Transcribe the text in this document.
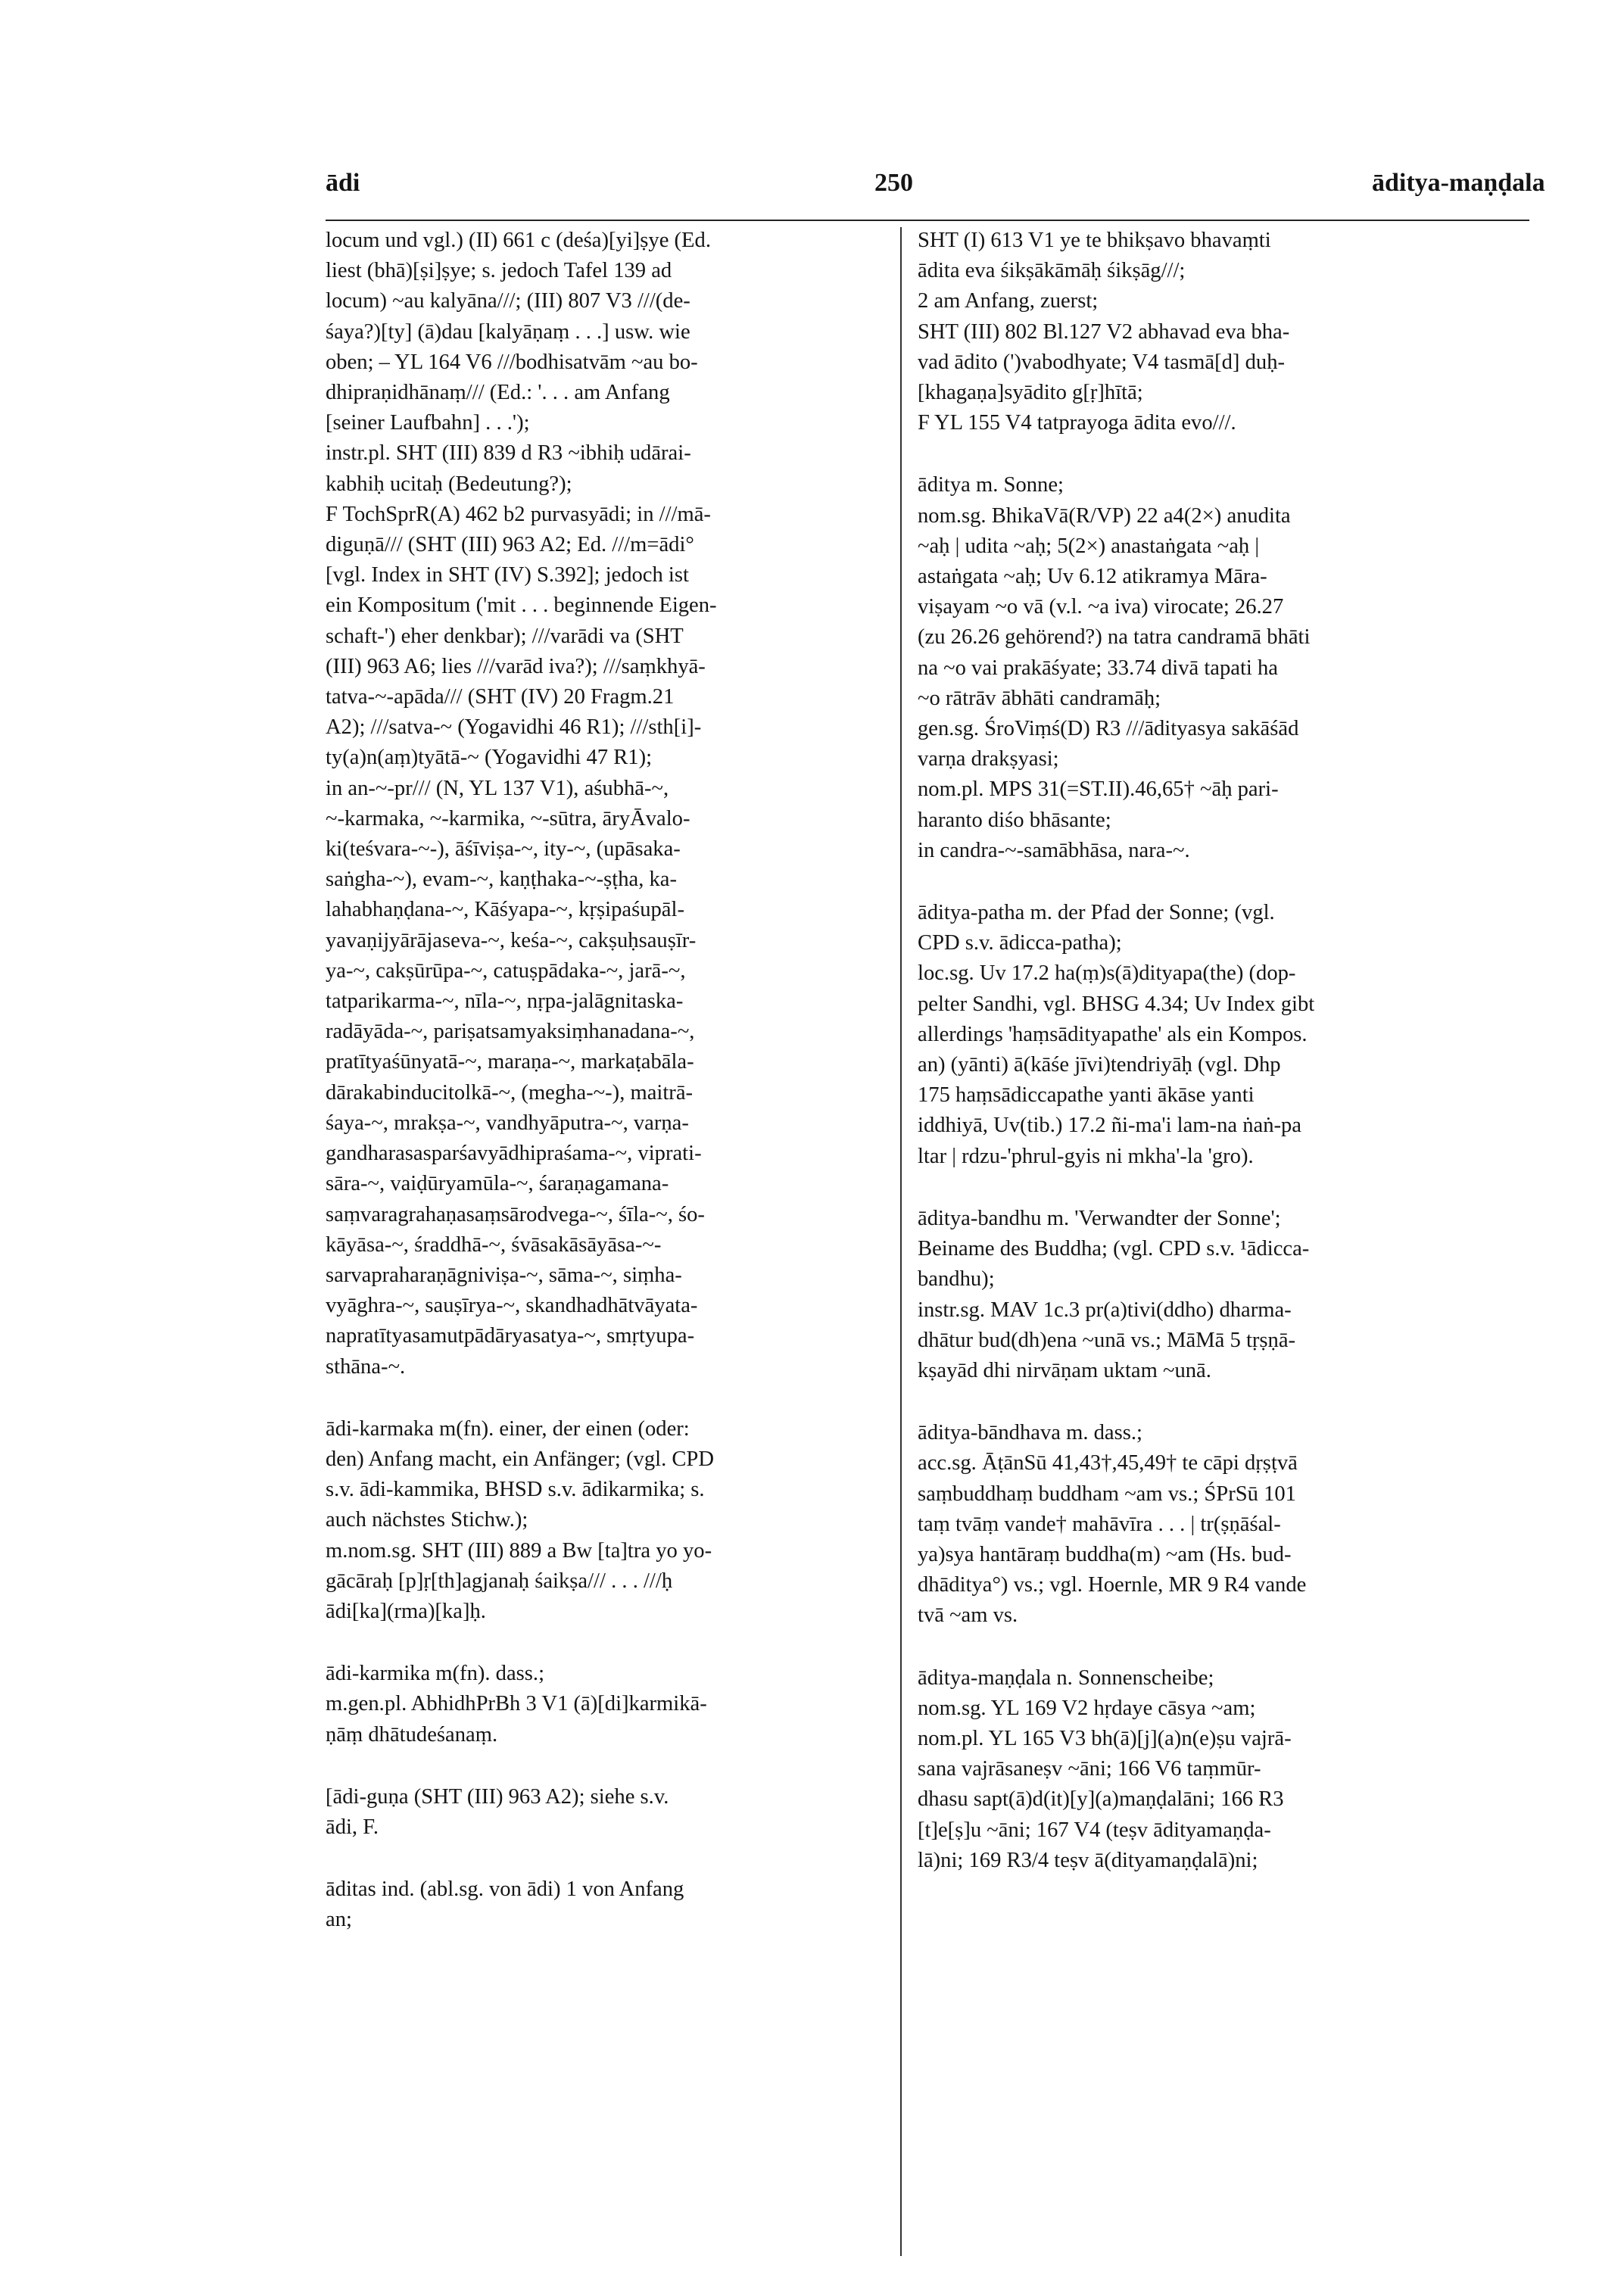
ādi	250	āditya-maṇḍala
locum und vgl.) (II) 661 c (deśa)[yi]ṣye (Ed.
liest (bhā)[ṣi]ṣye; s. jedoch Tafel 139 ad
locum) ~au kalyāna///; (III) 807 V3 ///(de-
śaya?)[ty] (ā)dau [kalyāṇaṃ . . .] usw. wie
oben; – YL 164 V6 ///bodhisatvām ~au bo-
dhipraṇidhānaṃ/// (Ed.: '. . . am Anfang
[seiner Laufbahn] . . .');
instr.pl. SHT (III) 839 d R3 ~ibhiḥ udārai-
kabhiḥ ucitaḥ (Bedeutung?);
F TochSprR(A) 462 b2 purvasyādi; in ///mā-
diguṇā/// (SHT (III) 963 A2; Ed. ///m=ādi°
[vgl. Index in SHT (IV) S.392]; jedoch ist
ein Kompositum ('mit . . . beginnende Eigen-
schaft-') eher denkbar); ///varādi va (SHT
(III) 963 A6; lies ///varād iva?); ///saṃkhyā-
tatva-~-apāda/// (SHT (IV) 20 Fragm.21
A2); ///satva-~ (Yogavidhi 46 R1); ///sth[i]-
ty(a)n(aṃ)tyātā-~ (Yogavidhi 47 R1);
in an-~-pr/// (N, YL 137 V1), aśubhā-~,
~-karmaka, ~-karmika, ~-sūtra, āryĀvalo-
ki(teśvara-~-), āśīviṣa-~, ity-~, (upāsaka-
saṅgha-~), evam-~, kaṇṭhaka-~-ṣṭha, ka-
lahabhaṇḍana-~, Kāśyapa-~, kṛṣipaśupāl-
yavaṇijyārājaseva-~, keśa-~, cakṣuḥsauṣīr-
ya-~, cakṣūrūpa-~, catuṣpādaka-~, jarā-~,
tatparikarma-~, nīla-~, nṛpa-jalāgnitaska-
radāyāda-~, pariṣatsamyaksiṃhanadana-~,
pratītyaśūnyatā-~, maraṇa-~, markaṭabāla-
dārakabinducitolkā-~, (megha-~-), maitrā-
śaya-~, mrakṣa-~, vandhyāputra-~, varṇa-
gandharasasparśavyādhipraśama-~, viprati-
sāra-~, vaiḍūryamūla-~, śaraṇagamana-
saṃvaragrahaṇasaṃsārodvega-~, śīla-~, śo-
kāyāsa-~, śraddhā-~, śvāsakāsāyāsa-~-
sarvapraharaṇāgniviṣa-~, sāma-~, siṃha-
vyāghra-~, sauṣīrya-~, skandhadhātvāyata-
napratītyasamutpādāryasatya-~, smṛtyupa-
sthāna-~.
ādi-karmaka m(fn). einer, der einen (oder:
den) Anfang macht, ein Anfänger; (vgl. CPD
s.v. ādi-kammika, BHSD s.v. ādikarmika; s.
auch nächstes Stichw.);
m.nom.sg. SHT (III) 889 a Bw [ta]tra yo yo-
gācāraḥ [p]ṛ[th]agjanaḥ śaikṣa/// . . . ///ḥ
ādi[ka](rma)[ka]ḥ.
ādi-karmika m(fn). dass.;
m.gen.pl. AbhidhPrBh 3 V1 (ā)[di]karmikā-
ṇāṃ dhātudeśanaṃ.
[ādi-guṇa (SHT (III) 963 A2); siehe s.v.
ādi, F.
āditas ind. (abl.sg. von ādi) 1 von Anfang
an;
SHT (I) 613 V1 ye te bhikṣavo bhavaṃti
ādita eva śikṣākāmāḥ śikṣāg///;
2 am Anfang, zuerst;
SHT (III) 802 Bl.127 V2 abhavad eva bha-
vad ādito (')vabodhyate; V4 tasmā[d] duḥ-
[khagaṇa]syādito g[ṛ]hītā;
F YL 155 V4 tatprayoga ādita evo///.
āditya m. Sonne;
nom.sg. BhikaVā(R/VP) 22 a4(2×) anudita
~aḥ | udita ~aḥ; 5(2×) anastaṅgata ~aḥ |
astaṅgata ~aḥ; Uv 6.12 atikramya Māra-
viṣayam ~o vā (v.l. ~a iva) virocate; 26.27
(zu 26.26 gehörend?) na tatra candramā bhāti
na ~o vai prakāśyate; 33.74 divā tapati ha
~o rātrāv ābhāti candramāḥ;
gen.sg. ŚroViṃś(D) R3 ///ādityasya sakāśād
varṇa drakṣyasi;
nom.pl. MPS 31(=ST.II).46,65† ~āḥ pari-
haranto diśo bhāsante;
in candra-~-samābhāsa, nara-~.
āditya-patha m. der Pfad der Sonne; (vgl.
CPD s.v. ādicca-patha);
loc.sg. Uv 17.2 ha(ṃ)s(ā)dityapa(the) (dop-
pelter Sandhi, vgl. BHSG 4.34; Uv Index gibt
allerdings 'haṃsādityapathe' als ein Kompos.
an) (yānti) ā(kāśe jīvi)tendriyāḥ (vgl. Dhp
175 haṃsādiccapathe yanti ākāse yanti
iddhiyā, Uv(tib.) 17.2 ñi-ma'i lam-na ṅaṅ-pa
ltar | rdzu-'phrul-gyis ni mkha'-la 'gro).
āditya-bandhu m. 'Verwandter der Sonne';
Beiname des Buddha; (vgl. CPD s.v. ¹ādicca-
bandhu);
instr.sg. MAV 1c.3 pr(a)tivi(ddho) dharma-
dhātur bud(dh)ena ~unā vs.; MāMā 5 tṛṣṇā-
kṣayād dhi nirvāṇam uktam ~unā.
āditya-bāndhava m. dass.;
acc.sg. ĀṭānSū 41,43†,45,49† te cāpi dṛṣṭvā
saṃbuddhaṃ buddham ~am vs.; ŚPrSū 101
taṃ tvāṃ vande† mahāvīra . . . | tr(ṣṇāśal-
ya)sya hantāraṃ buddha(m) ~am (Hs. bud-
dhāditya°) vs.; vgl. Hoernle, MR 9 R4 vande
tvā ~am vs.
āditya-maṇḍala n. Sonnenscheibe;
nom.sg. YL 169 V2 hṛdaye cāsya ~am;
nom.pl. YL 165 V3 bh(ā)[j](a)n(e)ṣu vajrā-
sana vajrāsaneṣv ~āni; 166 V6 taṃmūr-
dhasu sapt(ā)d(it)[y](a)maṇḍalāni; 166 R3
[t]e[ṣ]u ~āni; 167 V4 (teṣv ādityamaṇḍa-
lā)ni; 169 R3/4 teṣv ā(dityamaṇḍalā)ni;
